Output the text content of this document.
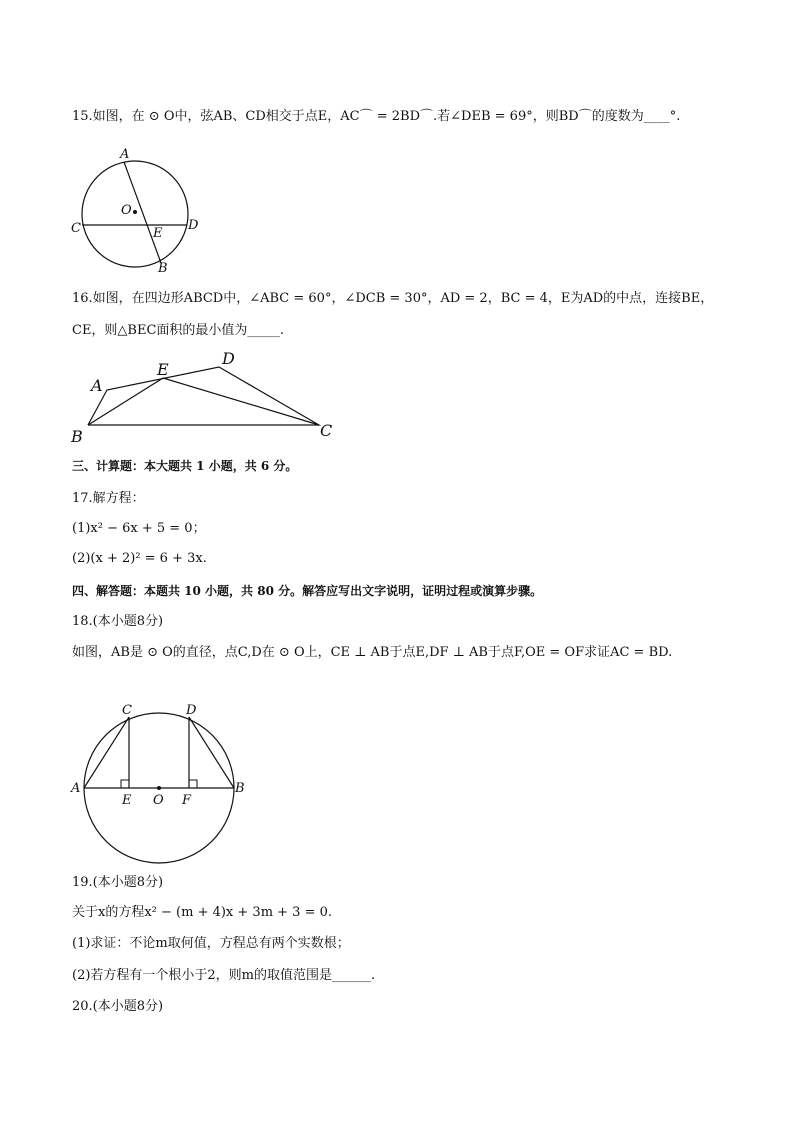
15.如图，在 ⊙ O中，弦AB、CD相交于点E，AC⌒ = 2BD⌒.若∠DEB = 69°，则BD⌒的度数为____°.
A
B
C	D
E
O
16.如图，在四边形ABCD中，∠ABC = 60°，∠DCB = 30°，AD = 2，BC = 4，E为AD的中点，连接BE，
CE，则△BEC面积的最小值为_____.
A
B	C
D
E
三、计算题：本大题共 1 小题，共 6 分。
17.解方程：
(1)x² − 6x + 5 = 0；
(2)(x + 2)² = 6 + 3x.
四、解答题：本题共 10 小题，共 80 分。解答应写出文字说明，证明过程或演算步骤。
18.(本小题8分)
如图，AB是 ⊙ O的直径，点C,D在 ⊙ O上，CE ⊥ AB于点E,DF ⊥ AB于点F,OE = OF求证AC = BD.
A	B
C	D
E	F
O
19.(本小题8分)
关于x的方程x² − (m + 4)x + 3m + 3 = 0.
(1)求证：不论m取何值，方程总有两个实数根；
(2)若方程有一个根小于2，则m的取值范围是______.
20.(本小题8分)
